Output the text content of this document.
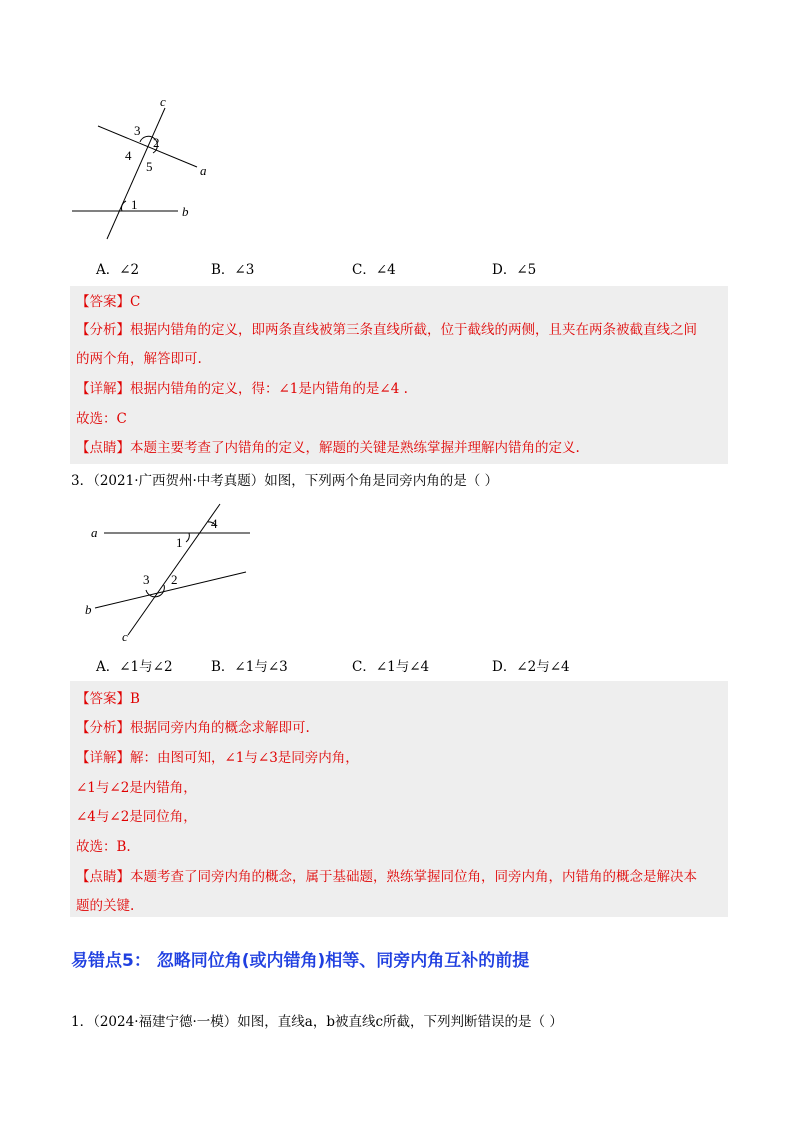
c
a
b
3
2
4
5
1
A．∠2	B．∠3	C．∠4	D．∠5
【答案】C
【分析】根据内错角的定义，即两条直线被第三条直线所截，位于截线的两侧，且夹在两条被截直线之间
的两个角，解答即可.
【详解】根据内错角的定义，得：∠1是内错角的是∠4 .
故选：C
【点睛】本题主要考查了内错角的定义，解题的关键是熟练掌握并理解内错角的定义.
3．（2021·广西贺州·中考真题）如图，下列两个角是同旁内角的是（ ）
a
b
c
4
1
3 2
A．∠1与∠2	B．∠1与∠3	C．∠1与∠4	D．∠2与∠4
【答案】B
【分析】根据同旁内角的概念求解即可.
【详解】解：由图可知，∠1与∠3是同旁内角，
∠1与∠2是内错角，
∠4与∠2是同位角，
故选：B.
【点睛】本题考查了同旁内角的概念，属于基础题，熟练掌握同位角，同旁内角，内错角的概念是解决本
题的关键.
易错点5： 忽略同位角(或内错角)相等、同旁内角互补的前提
1．（2024·福建宁德·一模）如图，直线a，b被直线c所截，下列判断错误的是（ ）
